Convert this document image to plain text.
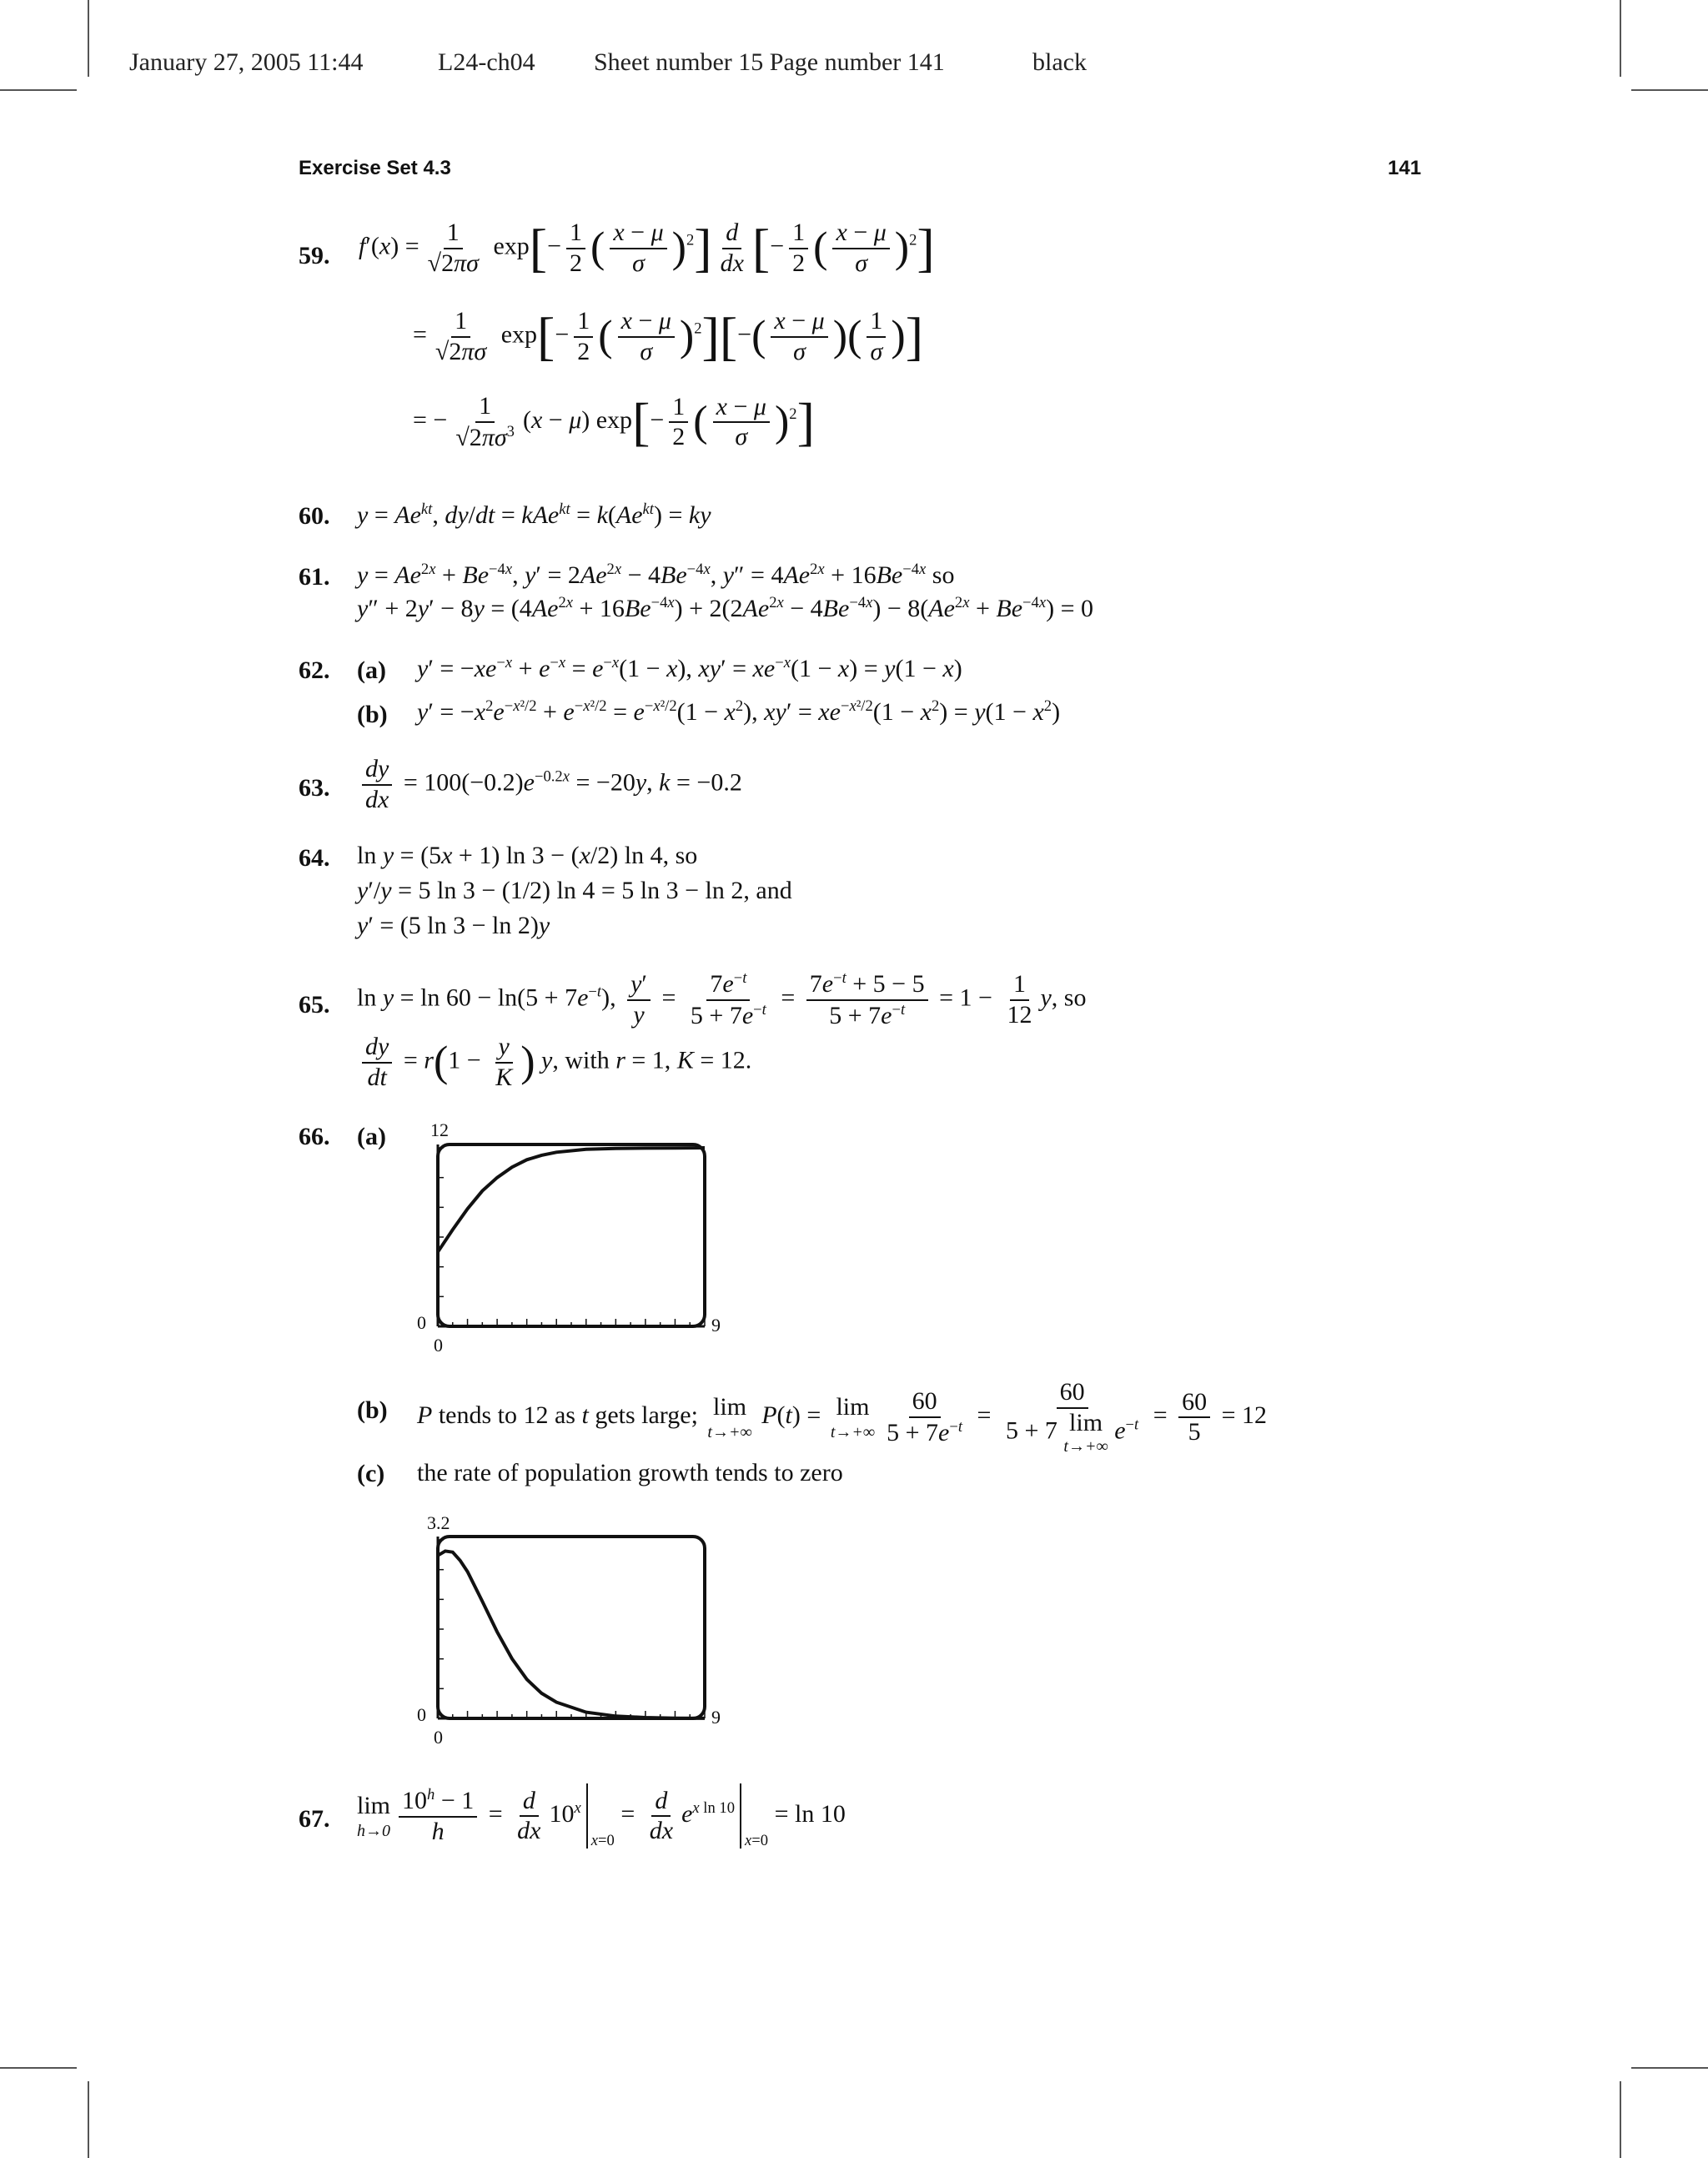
January 27, 2005 11:44	L24-ch04 Sheet number 15 Page number 141	black
Exercise Set 4.3	141
59. $f'(x) = \frac{1}{√2\pi\sigma} \exp[- \frac{1}{2}$ ( $\frac{x - \mu}{\sigma} )^2] \frac{d}{dx}$ [− $\frac{1}{2}$ ( $\frac{x - \mu}{\sigma} )^2$]
= $\frac{1}{√2\pi\sigma} \exp[- \frac{1}{2}$ ( $\frac{x - \mu}{\sigma} )^2][-( \frac{x - \mu}{\sigma}$ )( $\frac{1}{\sigma}$ )]
= − $\frac{1}{√2\pi\sigma^3} (x - \mu)$ $\exp[- \frac{1}{2}$ ( $\frac{x - \mu}{\sigma} )^2$]
60. $y = Ae^{kt}$, $dy/dt = kAe^{kt} = k(Ae^{kt})$ = ky
61. $y = Ae^{2x} + Be^{-4x}$, $y' = 2Ae^{2x} - 4Be^{-4x}$, $y'' = 4Ae^{2x} + 16Be^{-4x}$ so
$y'' + 2y' - 8y = (4Ae^{2x} + 16Be^{-4x}) + 2(2Ae^{2x} - 4Be^{-4x}) - 8(Ae^{2x} + Be^{-4x}) = 0$
62. (a) $y' = -xe^{-x} + e^{-x} = e^{-x}(1 - x)$, $xy' = xe^{-x}(1 - x) = y(1 - x)$
(b) $y' = -x^2e^{-x^2/2} + e^{-x^2/2} = e^{-x^2/2}(1 - x^2)$, $xy' = xe^{-x^2/2}(1 - x^2) = y(1 - x^2)$
63. $\frac{dy}{dx} = 100(-0.2)e^{-0.2x} = -20y$, k = −0.2
64. ln y = (5x + 1) ln 3 − (x/2) ln 4, so
y′/y = 5 ln 3 − (1/2) ln 4 = 5 ln 3 − ln 2, and
y′ = (5 ln 3 − ln 2)y
65. $\ln y = \ln 60 - \ln(5 + 7e^{-t})$, $\frac{y'}{y} = \frac{7e^{-t}}{5 + 7e^{-t}} = \frac{7e^{-t} + 5 - 5}{5 + 7e^{-t}} = 1 - \frac{1}{12} y$, so
$\frac{dy}{dt} = r(1 - \frac{y}{K}$ ) y, with r = 1, K = 12.
66. (a) 12
0
0
9
(b) P tends to 12 as t gets large; lim
t→+∞
P(t) = lim
$t\to+\infty \frac{60}{5 + 7e^{-t}} = 60$
5 + 7 lim
t→+∞
$e^{-t} = \frac{60}{5} = 12$
(c) the rate of population growth tends to zero
3.2
0
0
9
67. lim
$h\to 0 \frac{10^h - 1}{h} = \frac{d}{dx} 10^x_{x=0} = \frac{d}{dx} e^{x ln 10}_{x=0} = \ln 10$
